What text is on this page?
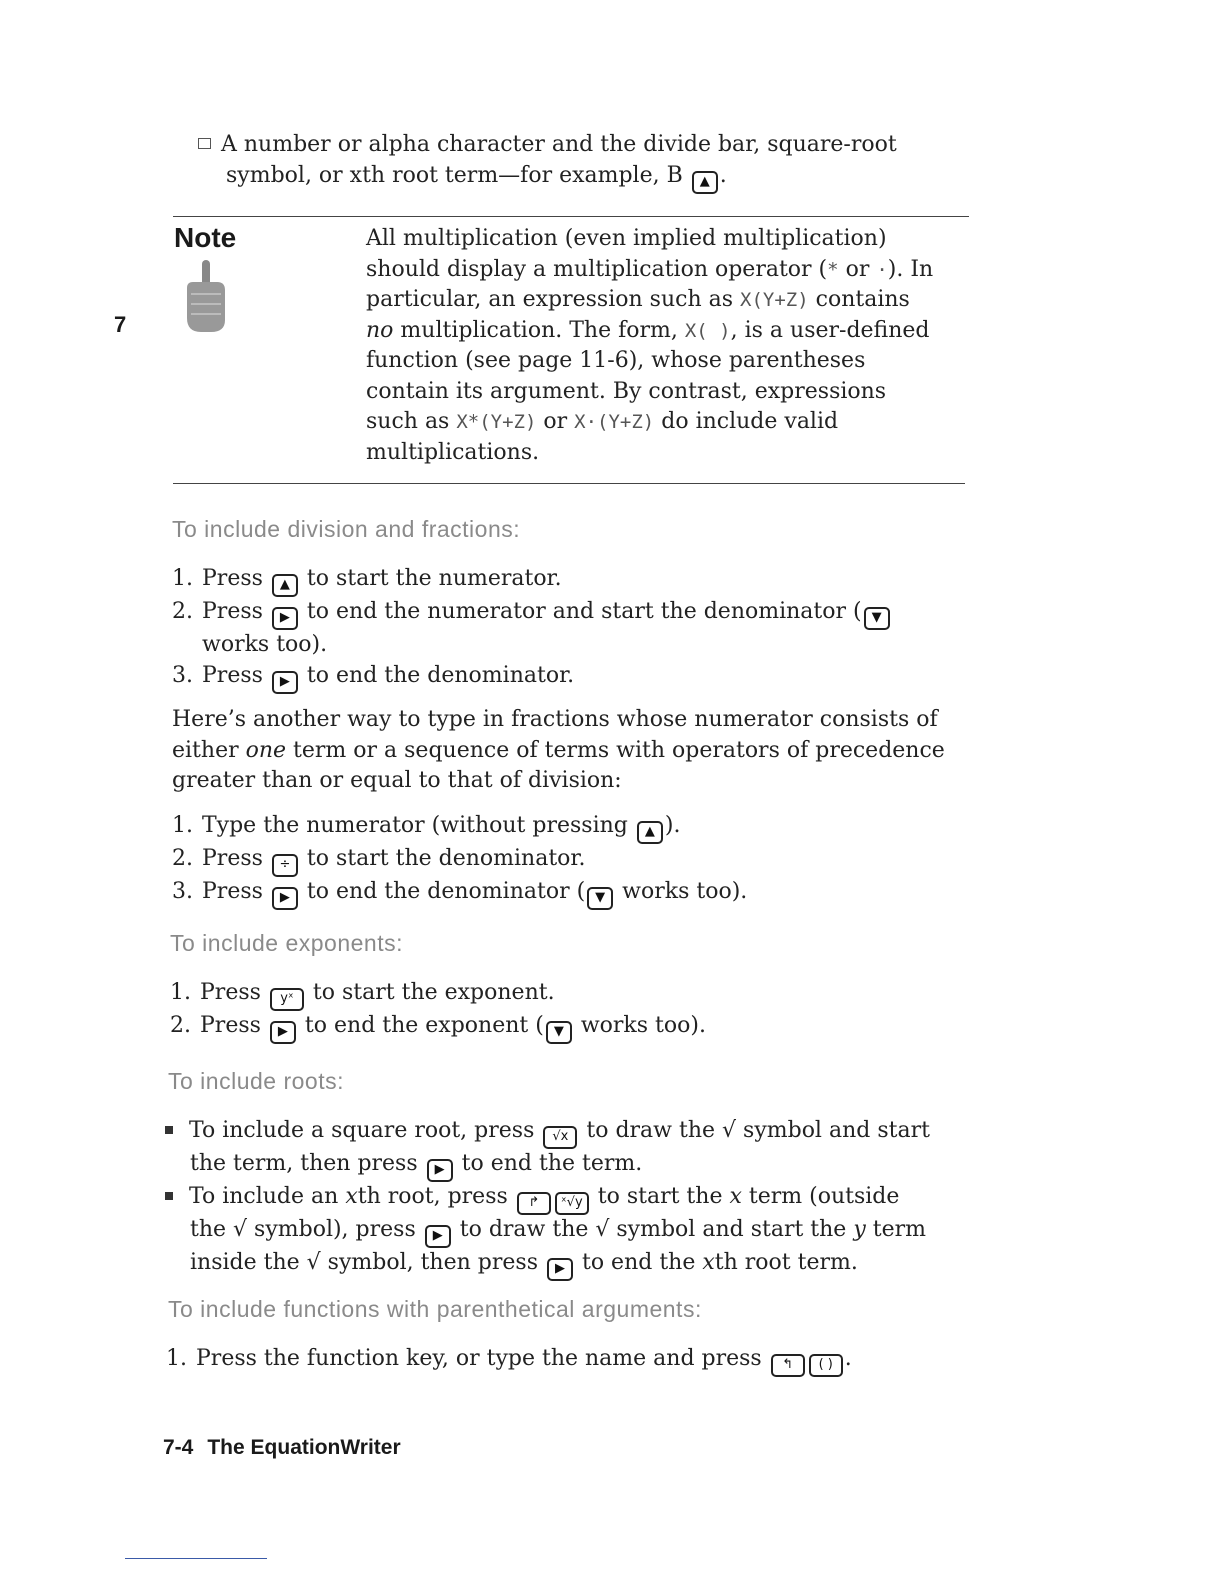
A number or alpha character and the divide bar, square-root
symbol, or xth root term—for example, B ▲ .
7
Note	All multiplication (even implied multiplication)
should display a multiplication operator (* or ·). In
particular, an expression such as X(Y+Z) contains
no multiplication. The form, X( ), is a user-defined
function (see page 11-6), whose parentheses
contain its argument. By contrast, expressions
such as X*(Y+Z) or X·(Y+Z) do include valid
multiplications.
To include division and fractions:
1. Press ▲ to start the numerator.
2. Press ▶ to end the numerator and start the denominator ( ▼
works too).
3. Press ▶ to end the denominator.
Here’s another way to type in fractions whose numerator consists of
either one term or a sequence of terms with operators of precedence
greater than or equal to that of division:
1. Type the numerator (without pressing ▲ ).
2. Press ÷ to start the denominator.
3. Press ▶ to end the denominator ( ▼ works too).
To include exponents:
1. Press yˣ to start the exponent.
2. Press ▶ to end the exponent ( ▼ works too).
To include roots:
To include a square root, press √x to draw the √ symbol and start
the term, then press ▶ to end the term.
To include an xth root, press ↱ ˣ√y to start the x term (outside
the √ symbol), press ▶ to draw the √ symbol and start the y term
inside the √ symbol, then press ▶ to end the xth root term.
To include functions with parenthetical arguments:
1. Press the function key, or type the name and press ↰ ( ) .
7-4 The EquationWriter
